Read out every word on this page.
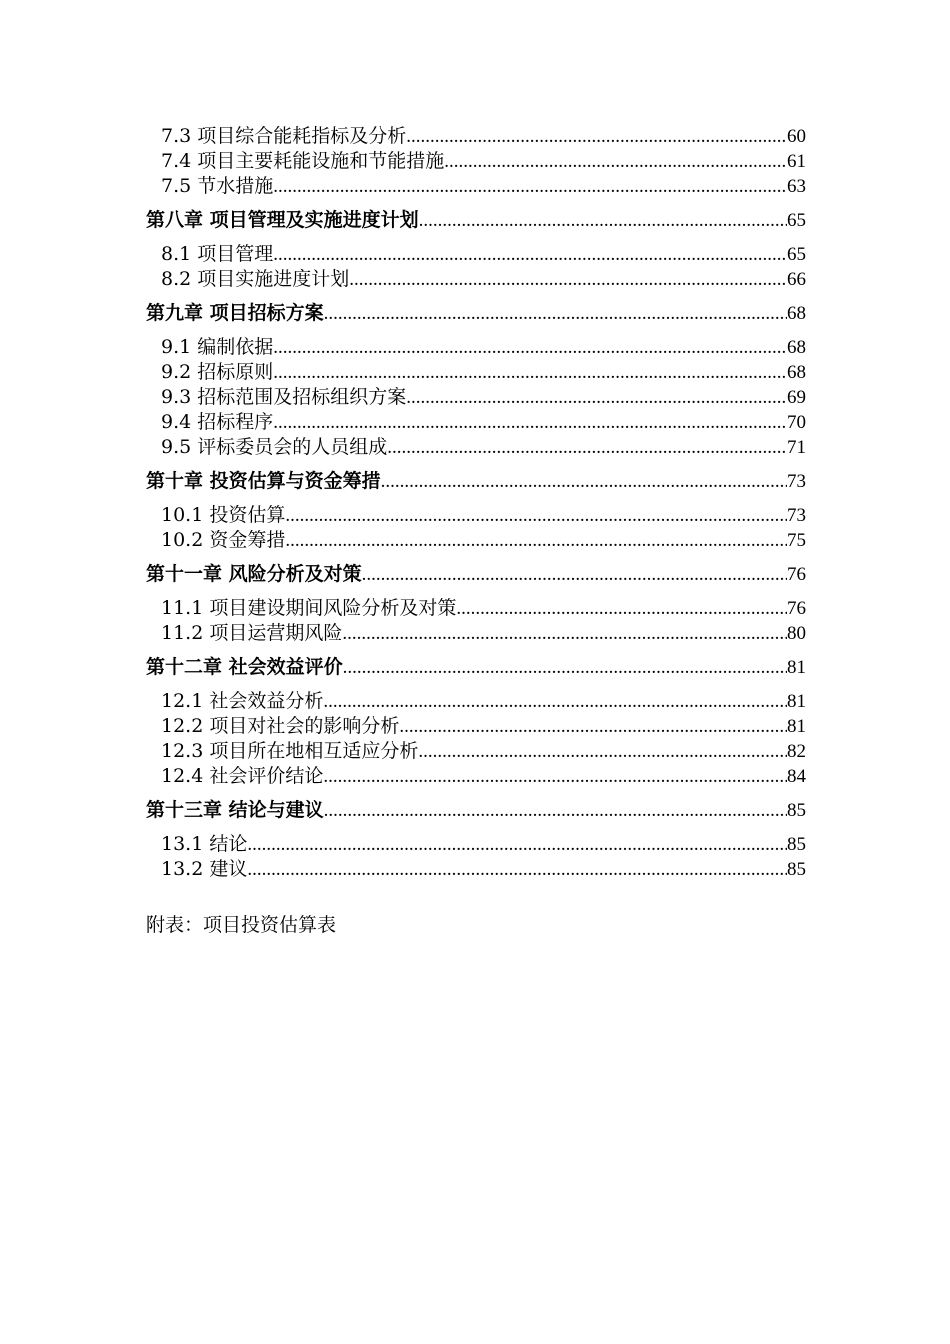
7.3 项目综合能耗指标及分析 .....	60
7.4 项目主要耗能设施和节能措施 .....	61
7.5 节水措施 .....	63
第八章 项目管理及实施进度计划 .....	65
8.1 项目管理 .....	65
8.2 项目实施进度计划 .....	66
第九章 项目招标方案 .....	68
9.1 编制依据 .....	68
9.2 招标原则 .....	68
9.3 招标范围及招标组织方案 .....	69
9.4 招标程序 .....	70
9.5 评标委员会的人员组成 .....	71
第十章 投资估算与资金筹措 .....	73
10.1 投资估算 .....	73
10.2 资金筹措 .....	75
第十一章 风险分析及对策 .....	76
11.1 项目建设期间风险分析及对策 .....	76
11.2 项目运营期风险 .....	80
第十二章 社会效益评价 .....	81
12.1 社会效益分析 .....	81
12.2 项目对社会的影响分析 .....	81
12.3 项目所在地相互适应分析 .....	82
12.4 社会评价结论 .....	84
第十三章 结论与建议 .....	85
13.1 结论 .....	85
13.2 建议 .....	85
附表：项目投资估算表
